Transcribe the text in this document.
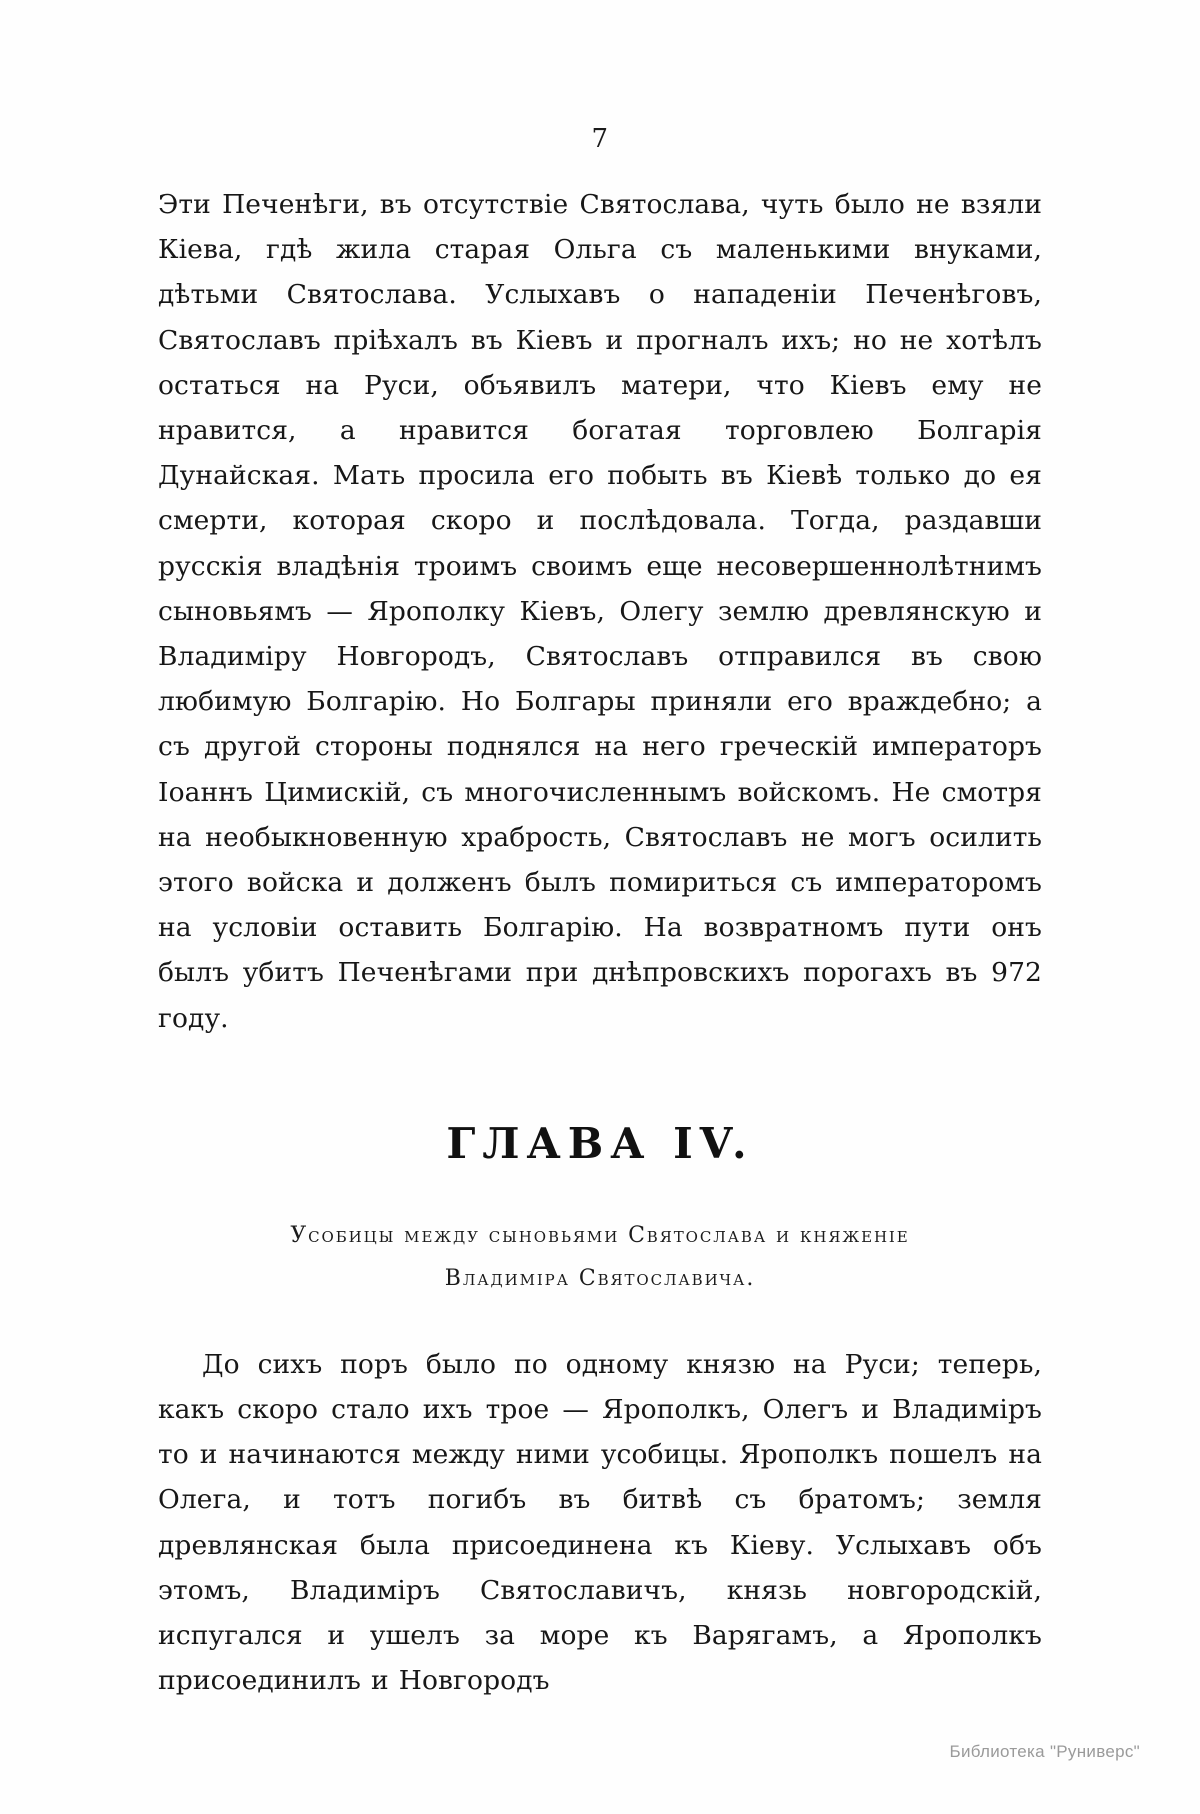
7

Эти Печенѣги, въ отсутствіе Святослава, чуть было не взяли Кіева, гдѣ жила старая Ольга съ маленькими внуками, дѣтьми Святослава. Услыхавъ о нападеніи Печенѣговъ, Святославъ пріѣхалъ въ Кіевъ и прогналъ ихъ; но не хотѣлъ остаться на Руси, объявилъ матери, что Кіевъ ему не нравится, а нравится богатая торговлею Болгарія Дунайская. Мать просила его побыть въ Кіевѣ только до ея смерти, которая скоро и послѣдовала. Тогда, раздавши русскія владѣнія троимъ своимъ еще несовершеннолѣтнимъ сыновьямъ — Ярополку Кіевъ, Олегу землю древлянскую и Владиміру Новгородъ, Святославъ отправился въ свою любимую Болгарію. Но Болгары приняли его враждебно; а съ другой стороны поднялся на него греческій императоръ Іоаннъ Цимискій, съ многочисленнымъ войскомъ. Не смотря на необыкновенную храбрость, Святославъ не могъ осилить этого войска и долженъ былъ помириться съ императоромъ на условіи оставить Болгарію. На возвратномъ пути онъ былъ убитъ Печенѣгами при днѣпровскихъ порогахъ въ 972 году.

ГЛАВА IV.
Усобицы между сыновьями Святослава и княженіе
Владиміра Святославича.

До сихъ поръ было по одному князю на Руси; теперь, какъ скоро стало ихъ трое — Ярополкъ, Олегъ и Владиміръ то и начинаются между ними усобицы. Ярополкъ пошелъ на Олега, и тотъ погибъ въ битвѣ съ братомъ; земля древлянская была присоединена къ Кіеву. Услыхавъ объ этомъ, Владиміръ Святославичъ, князь новгородскій, испугался и ушелъ за море къ Варягамъ, а Ярополкъ присоединилъ и Новгородъ

Библиотека "Руниверс"
